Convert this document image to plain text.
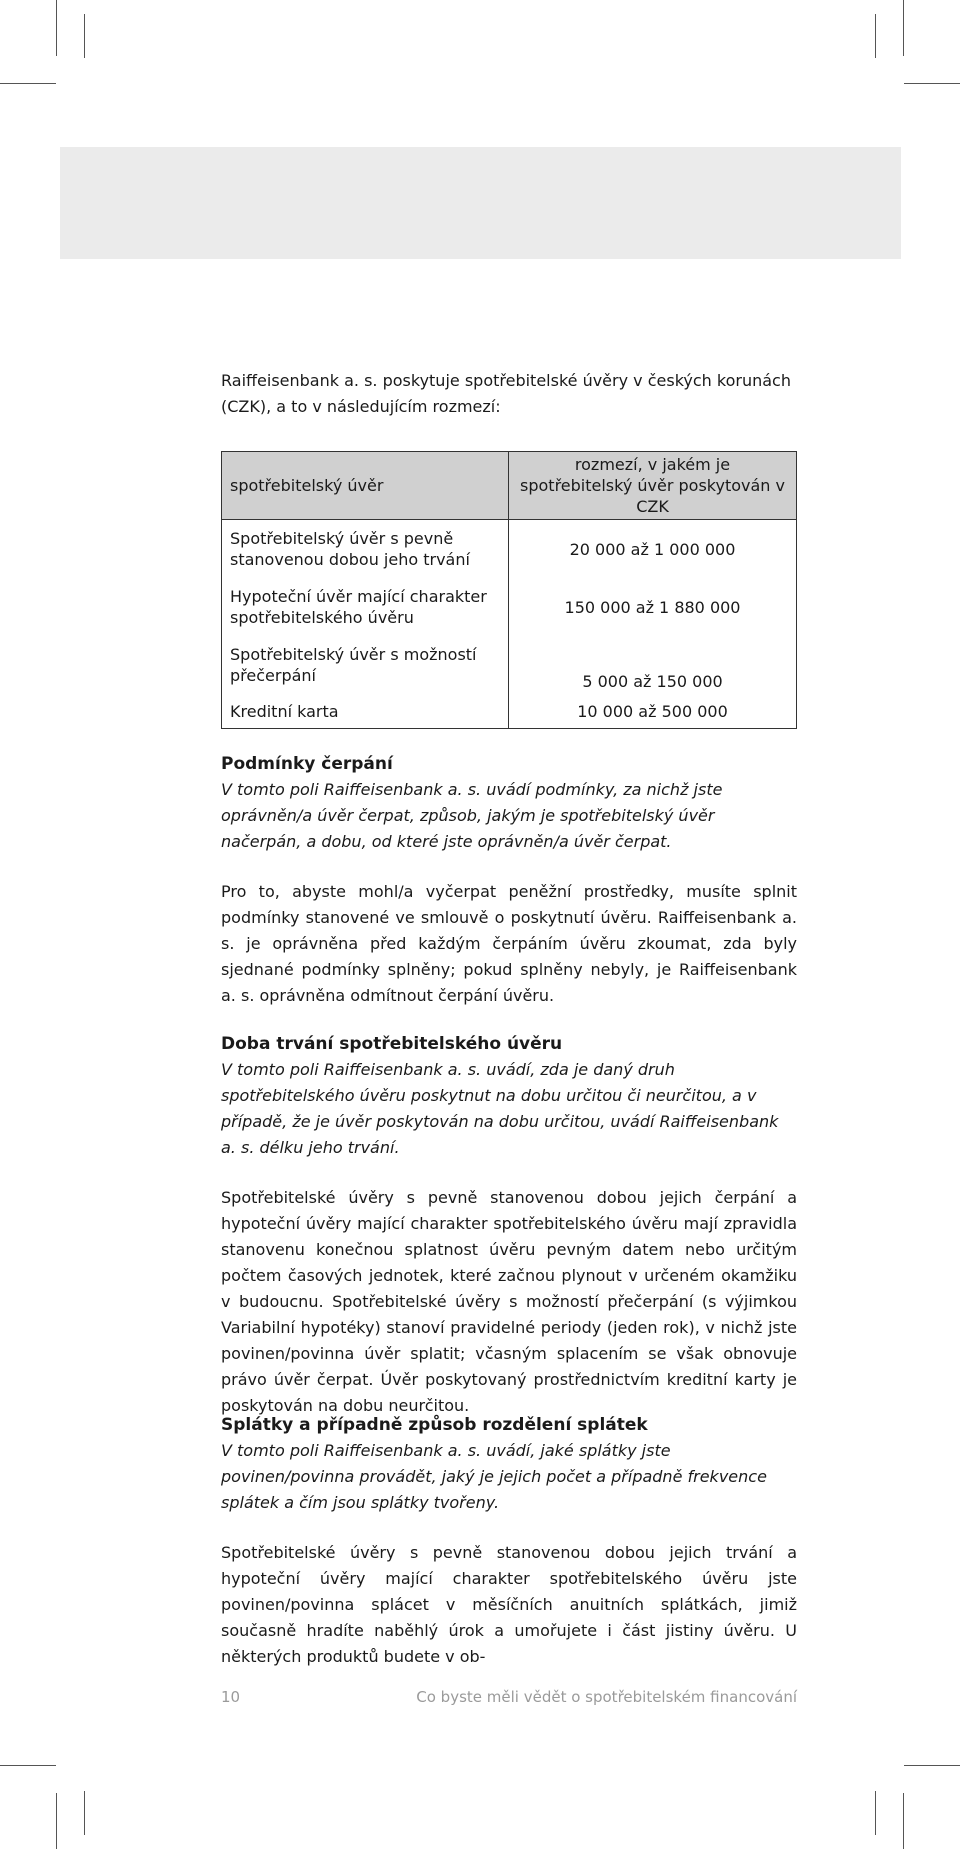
Raiffeisenbank a. s. poskytuje spotřebitelské úvěry v českých korunách (CZK), a to v následujícím rozmezí:

spotřebitelský úvěr	rozmezí, v jakém je spotřebitelský úvěr poskytován v CZK
Spotřebitelský úvěr s pevně stanovenou dobou jeho trvání	20 000 až 1 000 000
Hypoteční úvěr mající charakter spotřebitelského úvěru	150 000 až 1 880 000
Spotřebitelský úvěr s možností přečerpání	5 000 až 150 000
Kreditní karta	10 000 až 500 000
Podmínky čerpání

V tomto poli Raiffeisenbank a. s. uvádí podmínky, za nichž jste oprávněn/a úvěr čerpat, způsob, jakým je spotřebitelský úvěr načerpán, a dobu, od které jste oprávněn/a úvěr čerpat.

Pro to, abyste mohl/a vyčerpat peněžní prostředky, musíte splnit podmínky stanovené ve smlouvě o poskytnutí úvěru. Raiffeisenbank a. s. je oprávněna před každým čerpáním úvěru zkoumat, zda byly sjednané podmínky splněny; pokud splněny nebyly, je Raiffeisenbank a. s. oprávněna odmítnout čerpání úvěru.

Doba trvání spotřebitelského úvěru

V tomto poli Raiffeisenbank a. s. uvádí, zda je daný druh spotřebitelského úvěru poskytnut na dobu určitou či neurčitou, a v případě, že je úvěr poskytován na dobu určitou, uvádí Raiffeisenbank a. s. délku jeho trvání.

Spotřebitelské úvěry s pevně stanovenou dobou jejich čerpání a hypoteční úvěry mající charakter spotřebitelského úvěru mají zpravidla stanovenu konečnou splatnost úvěru pevným datem nebo určitým počtem časových jednotek, které začnou plynout v určeném okamžiku v budoucnu. Spotřebitelské úvěry s možností přečerpání (s výjimkou Variabilní hypotéky) stanoví pravidelné periody (jeden rok), v nichž jste povinen/povinna úvěr splatit; včasným splacením se však obnovuje právo úvěr čerpat. Úvěr poskytovaný prostřednictvím kreditní karty je poskytován na dobu neurčitou.

Splátky a případně způsob rozdělení splátek

V tomto poli Raiffeisenbank a. s. uvádí, jaké splátky jste povinen/povinna provádět, jaký je jejich počet a případně frekvence splátek a čím jsou splátky tvořeny.

Spotřebitelské úvěry s pevně stanovenou dobou jejich trvání a hypoteční úvěry mající charakter spotřebitelského úvěru jste povinen/povinna splácet v měsíčních anuitních splátkách, jimiž současně hradíte naběhlý úrok a umořujete i část jistiny úvěru. U některých produktů budete v ob-

10	Co byste měli vědět o spotřebitelském financování
